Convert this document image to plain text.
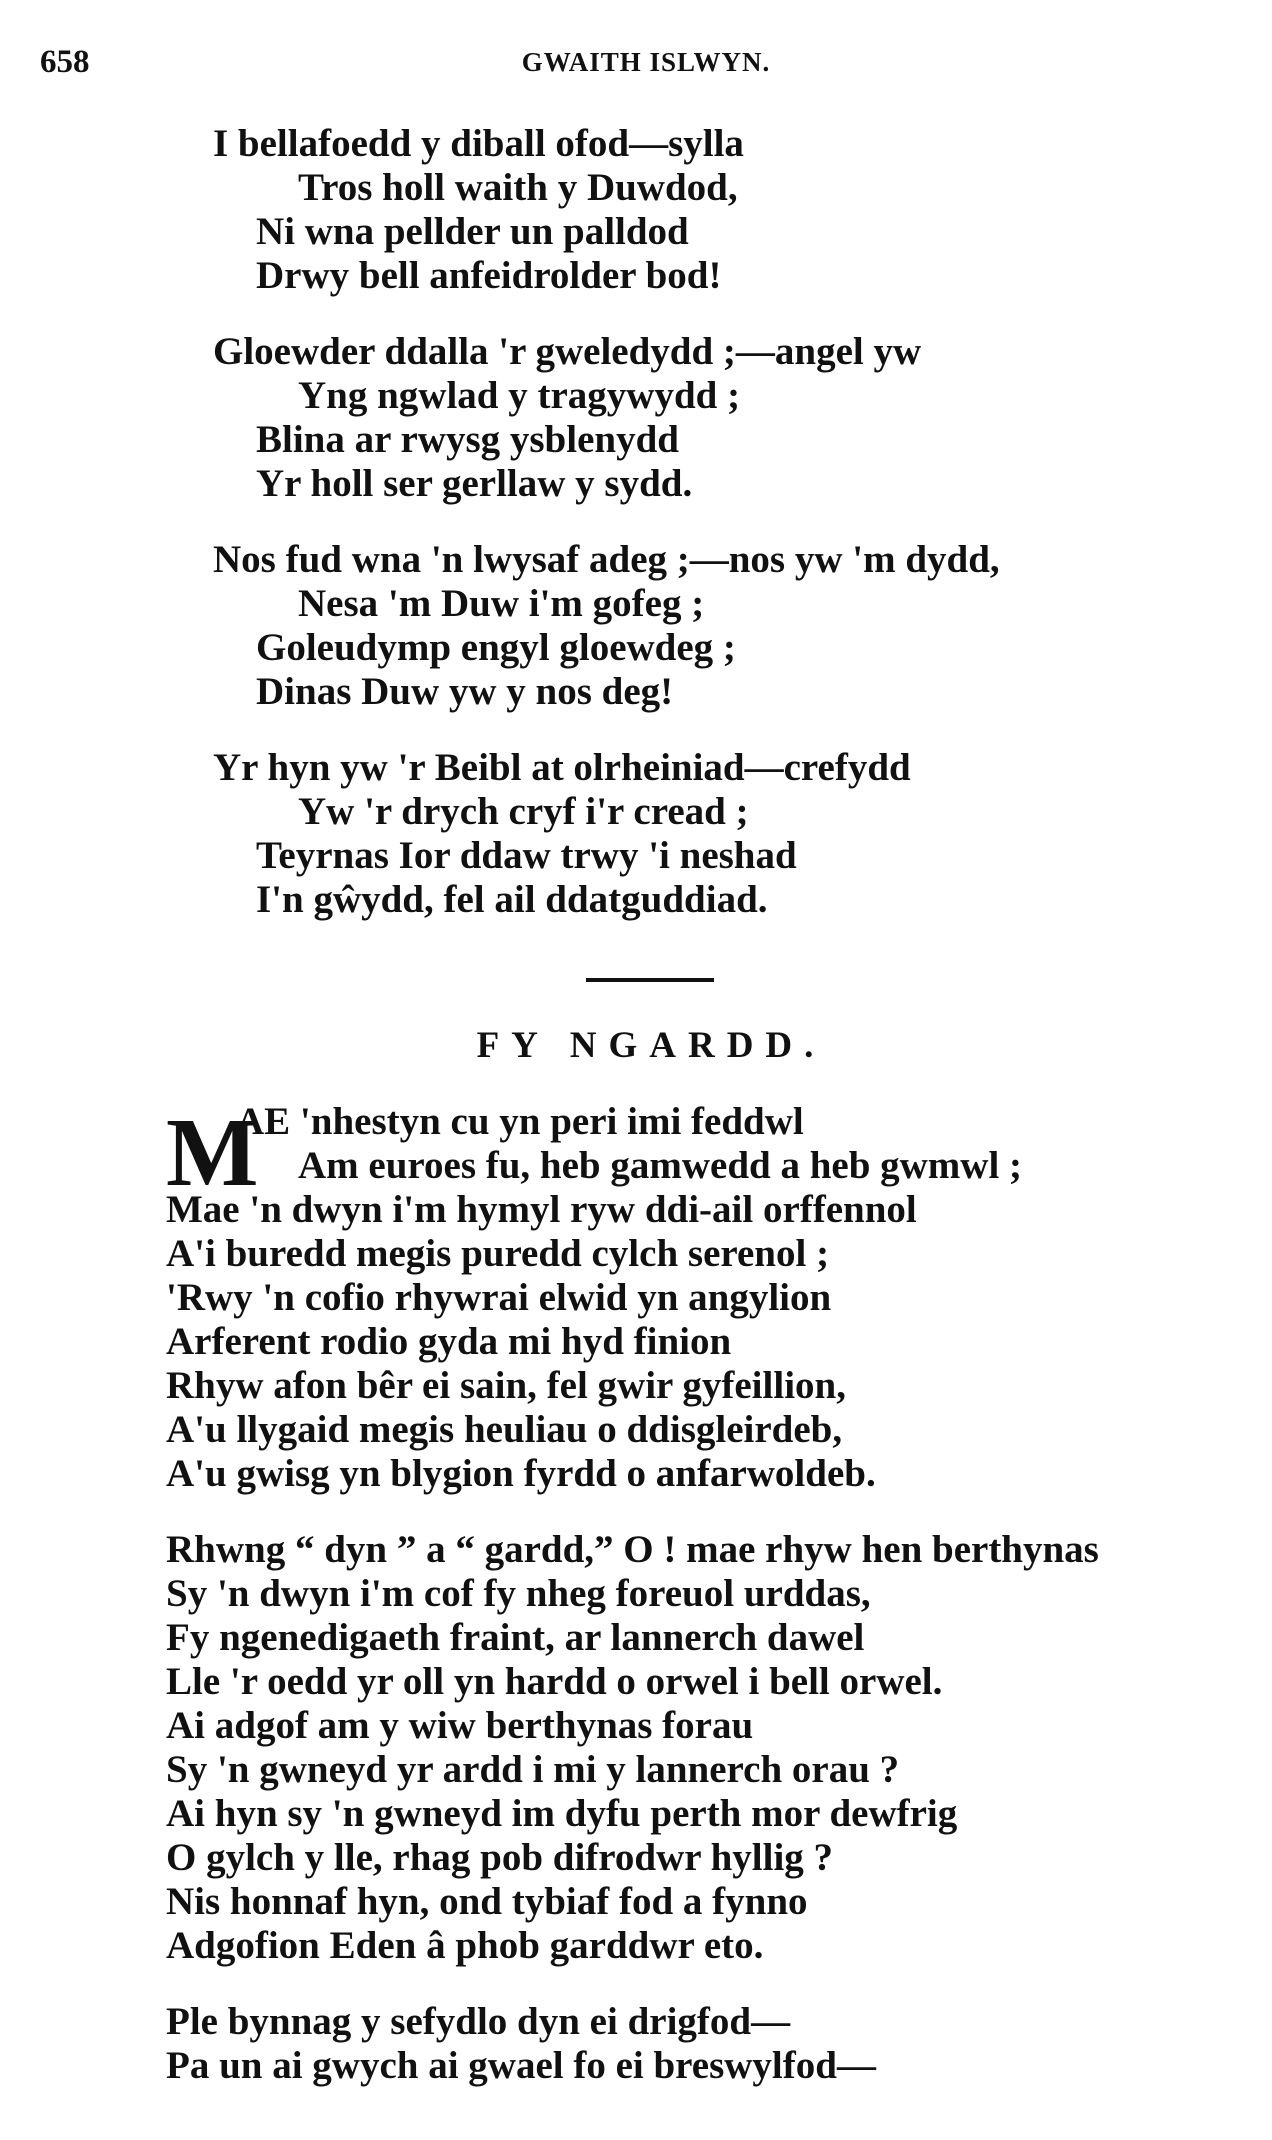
658	GWAITH ISLWYN.
I bellafoedd y diball ofod—sylla
Tros holl waith y Duwdod,
Ni wna pellder un palldod
Drwy bell anfeidrolder bod!
Gloewder ddalla 'r gweledydd ;—angel yw
Yng ngwlad y tragywydd ;
Blina ar rwysg ysblenydd
Yr holl ser gerllaw y sydd.
Nos fud wna 'n lwysaf adeg ;—nos yw 'm dydd,
Nesa 'm Duw i'm gofeg ;
Goleudymp engyl gloewdeg ;
Dinas Duw yw y nos deg!
Yr hyn yw 'r Beibl at olrheiniad—crefydd
Yw 'r drych cryf i'r cread ;
Teyrnas Ior ddaw trwy 'i neshad
I'n gŵydd, fel ail ddatguddiad.
FY NGARDD.
M
AE 'nhestyn cu yn peri imi feddwl
Am euroes fu, heb gamwedd a heb gwmwl ;
Mae 'n dwyn i'm hymyl ryw ddi-ail orffennol
A'i buredd megis puredd cylch serenol ;
'Rwy 'n cofio rhywrai elwid yn angylion
Arferent rodio gyda mi hyd finion
Rhyw afon bêr ei sain, fel gwir gyfeillion,
A'u llygaid megis heuliau o ddisgleirdeb,
A'u gwisg yn blygion fyrdd o anfarwoldeb.
Rhwng “ dyn ” a “ gardd,” O ! mae rhyw hen berthynas
Sy 'n dwyn i'm cof fy nheg foreuol urddas,
Fy ngenedigaeth fraint, ar lannerch dawel
Lle 'r oedd yr oll yn hardd o orwel i bell orwel.
Ai adgof am y wiw berthynas forau
Sy 'n gwneyd yr ardd i mi y lannerch orau ?
Ai hyn sy 'n gwneyd im dyfu perth mor dewfrig
O gylch y lle, rhag pob difrodwr hyllig ?
Nis honnaf hyn, ond tybiaf fod a fynno
Adgofion Eden â phob garddwr eto.
Ple bynnag y sefydlo dyn ei drigfod—
Pa un ai gwych ai gwael fo ei breswylfod—
